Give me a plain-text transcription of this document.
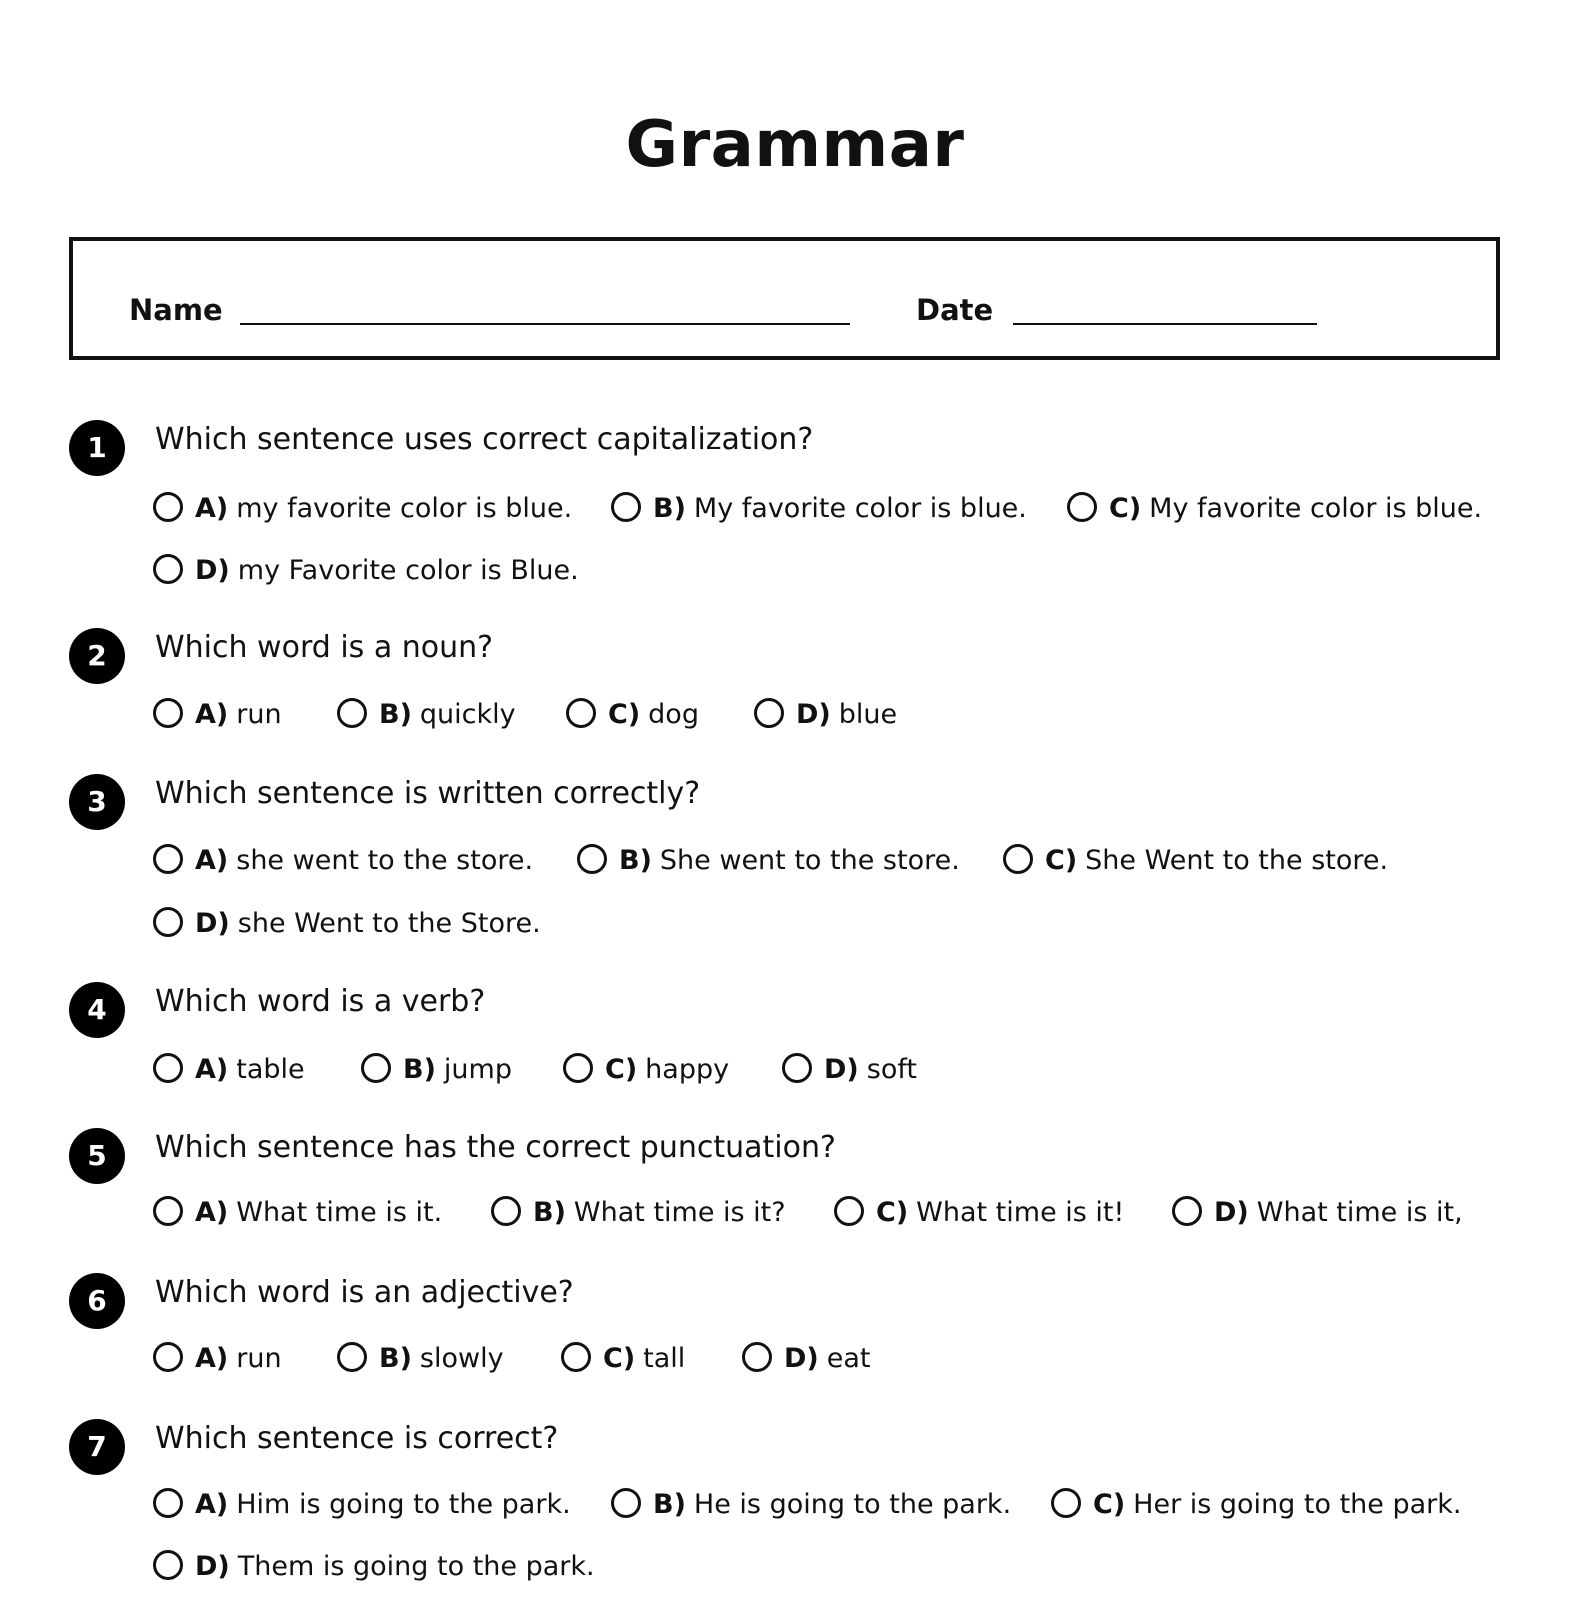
Grammar
Name	Date
1	Which sentence uses correct capitalization?
A) my favorite color is blue.	B) My favorite color is blue.	C) My favorite color is blue.
D) my Favorite color is Blue.
2	Which word is a noun?
A) run	B) quickly	C) dog	D) blue
3	Which sentence is written correctly?
A) she went to the store.	B) She went to the store.	C) She Went to the store.
D) she Went to the Store.
4	Which word is a verb?
A) table	B) jump	C) happy	D) soft
5	Which sentence has the correct punctuation?
A) What time is it.	B) What time is it?	C) What time is it!	D) What time is it,
6	Which word is an adjective?
A) run	B) slowly	C) tall	D) eat
7	Which sentence is correct?
A) Him is going to the park.	B) He is going to the park.	C) Her is going to the park.
D) Them is going to the park.
